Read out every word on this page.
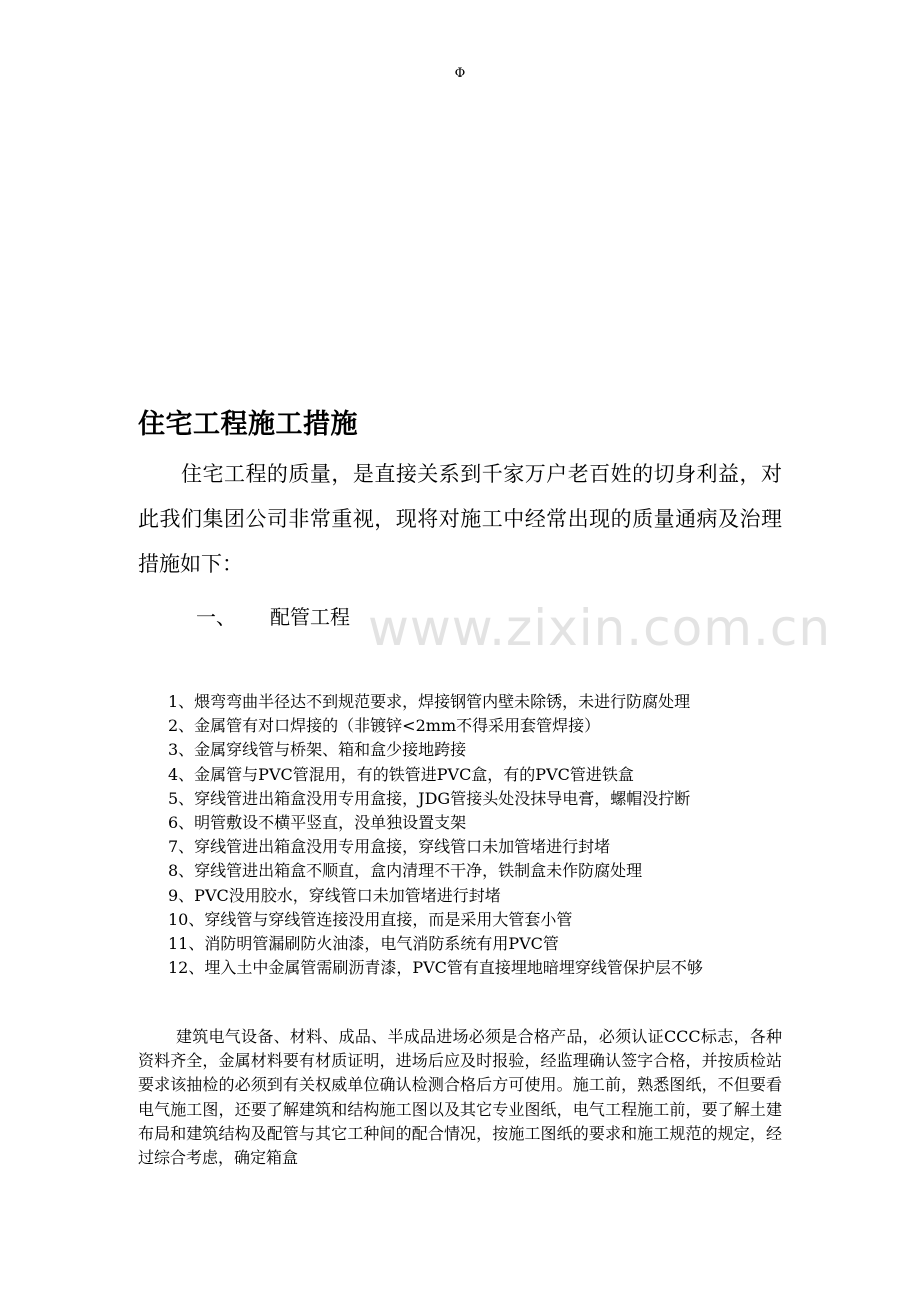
Φ
住宅工程施工措施

住宅工程的质量，是直接关系到千家万户老百姓的切身利益，对此我们集团公司非常重视，现将对施工中经常出现的质量通病及治理措施如下：

一、 配管工程 www.zixin.com.cn
1、煨弯弯曲半径达不到规范要求，焊接钢管内壁未除锈，未进行防腐处理
2、金属管有对口焊接的（非镀锌<2mm不得采用套管焊接）
3、金属穿线管与桥架、箱和盒少接地跨接
4、金属管与PVC管混用，有的铁管进PVC盒，有的PVC管进铁盒
5、穿线管进出箱盒没用专用盒接，JDG管接头处没抹导电膏，螺帽没拧断
6、明管敷设不横平竖直，没单独设置支架
7、穿线管进出箱盒没用专用盒接，穿线管口未加管堵进行封堵
8、穿线管进出箱盒不顺直，盒内清理不干净，铁制盒未作防腐处理
9、PVC没用胶水，穿线管口未加管堵进行封堵
10、穿线管与穿线管连接没用直接，而是采用大管套小管
11、消防明管漏刷防火油漆，电气消防系统有用PVC管
12、埋入土中金属管需刷沥青漆，PVC管有直接埋地暗埋穿线管保护层不够

建筑电气设备、材料、成品、半成品进场必须是合格产品，必须认证CCC标志，各种资料齐全，金属材料要有材质证明，进场后应及时报验，经监理确认签字合格，并按质检站要求该抽检的必须到有关权威单位确认检测合格后方可使用。施工前，熟悉图纸，不但要看电气施工图，还要了解建筑和结构施工图以及其它专业图纸，电气工程施工前，要了解土建布局和建筑结构及配管与其它工种间的配合情况，按施工图纸的要求和施工规范的规定，经过综合考虑，确定箱盒
